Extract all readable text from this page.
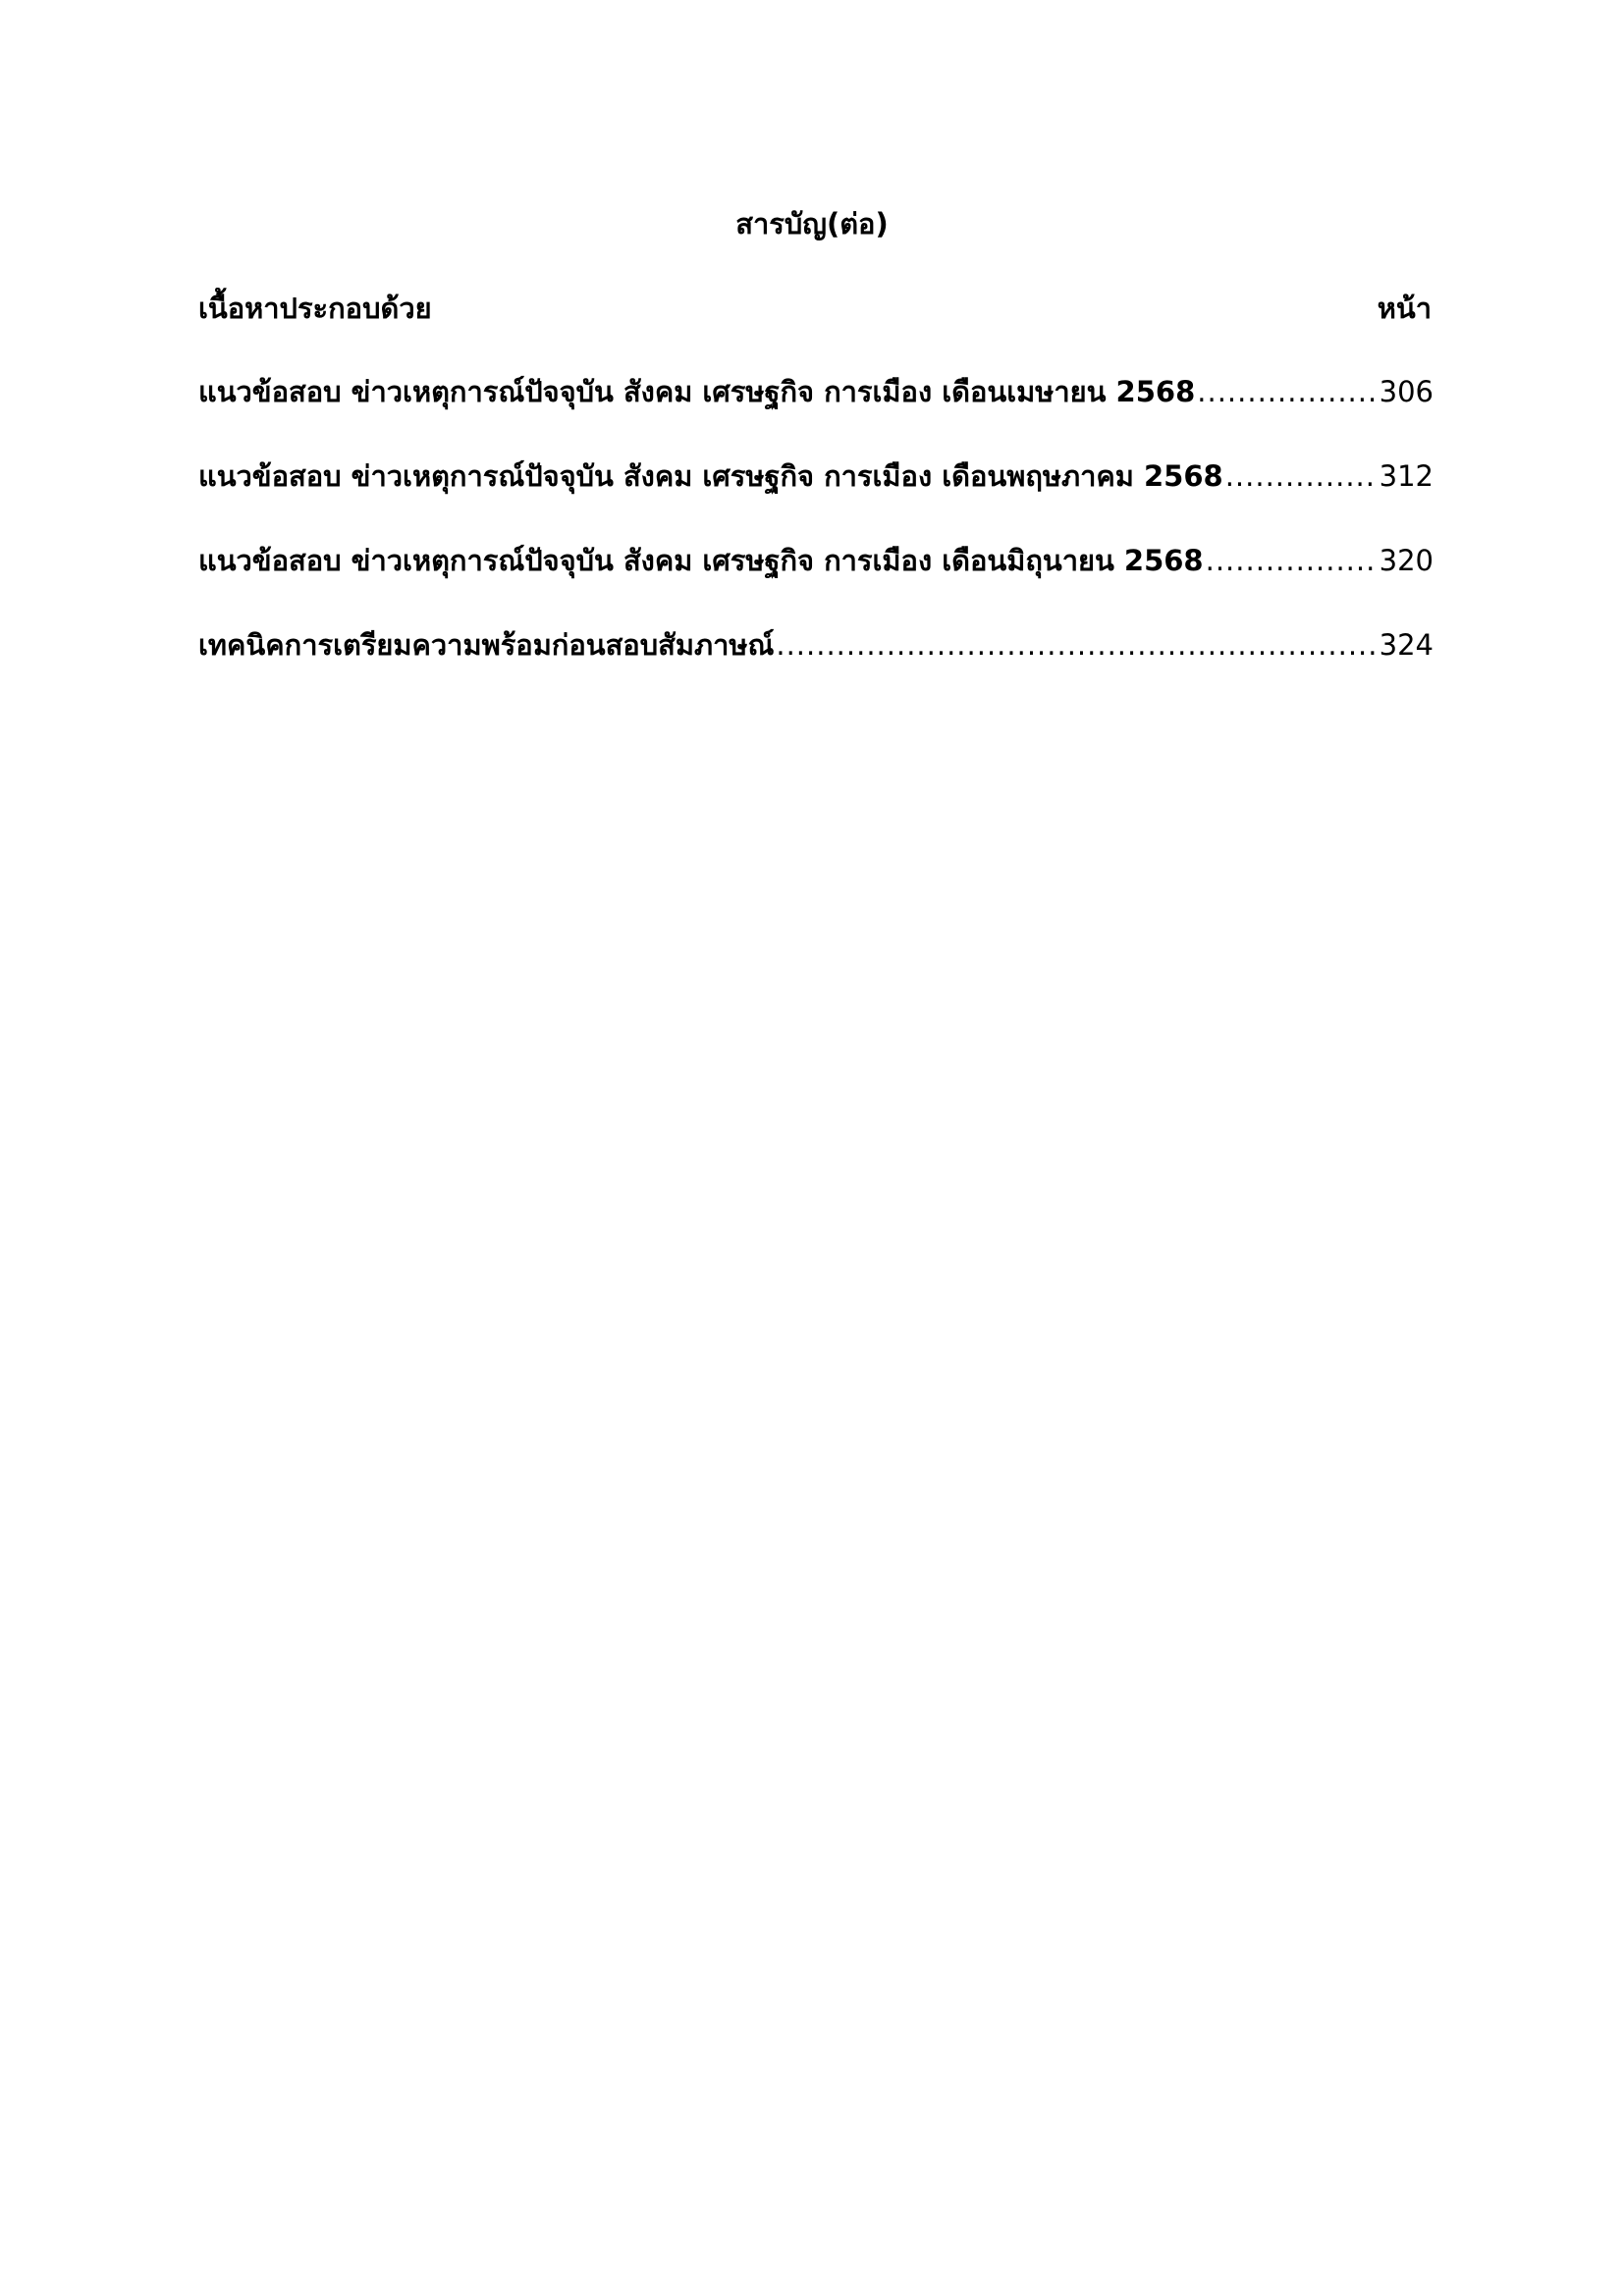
สารบัญ(ต่อ)
เนื้อหาประกอบด้วย	หน้า
แนวข้อสอบ ข่าวเหตุการณ์ปัจจุบัน สังคม เศรษฐกิจ การเมือง เดือนเมษายน 2568 .....	306
แนวข้อสอบ ข่าวเหตุการณ์ปัจจุบัน สังคม เศรษฐกิจ การเมือง เดือนพฤษภาคม 2568 .....	312
แนวข้อสอบ ข่าวเหตุการณ์ปัจจุบัน สังคม เศรษฐกิจ การเมือง เดือนมิถุนายน 2568 .....	320
เทคนิคการเตรียมความพร้อมก่อนสอบสัมภาษณ์ .....	324
